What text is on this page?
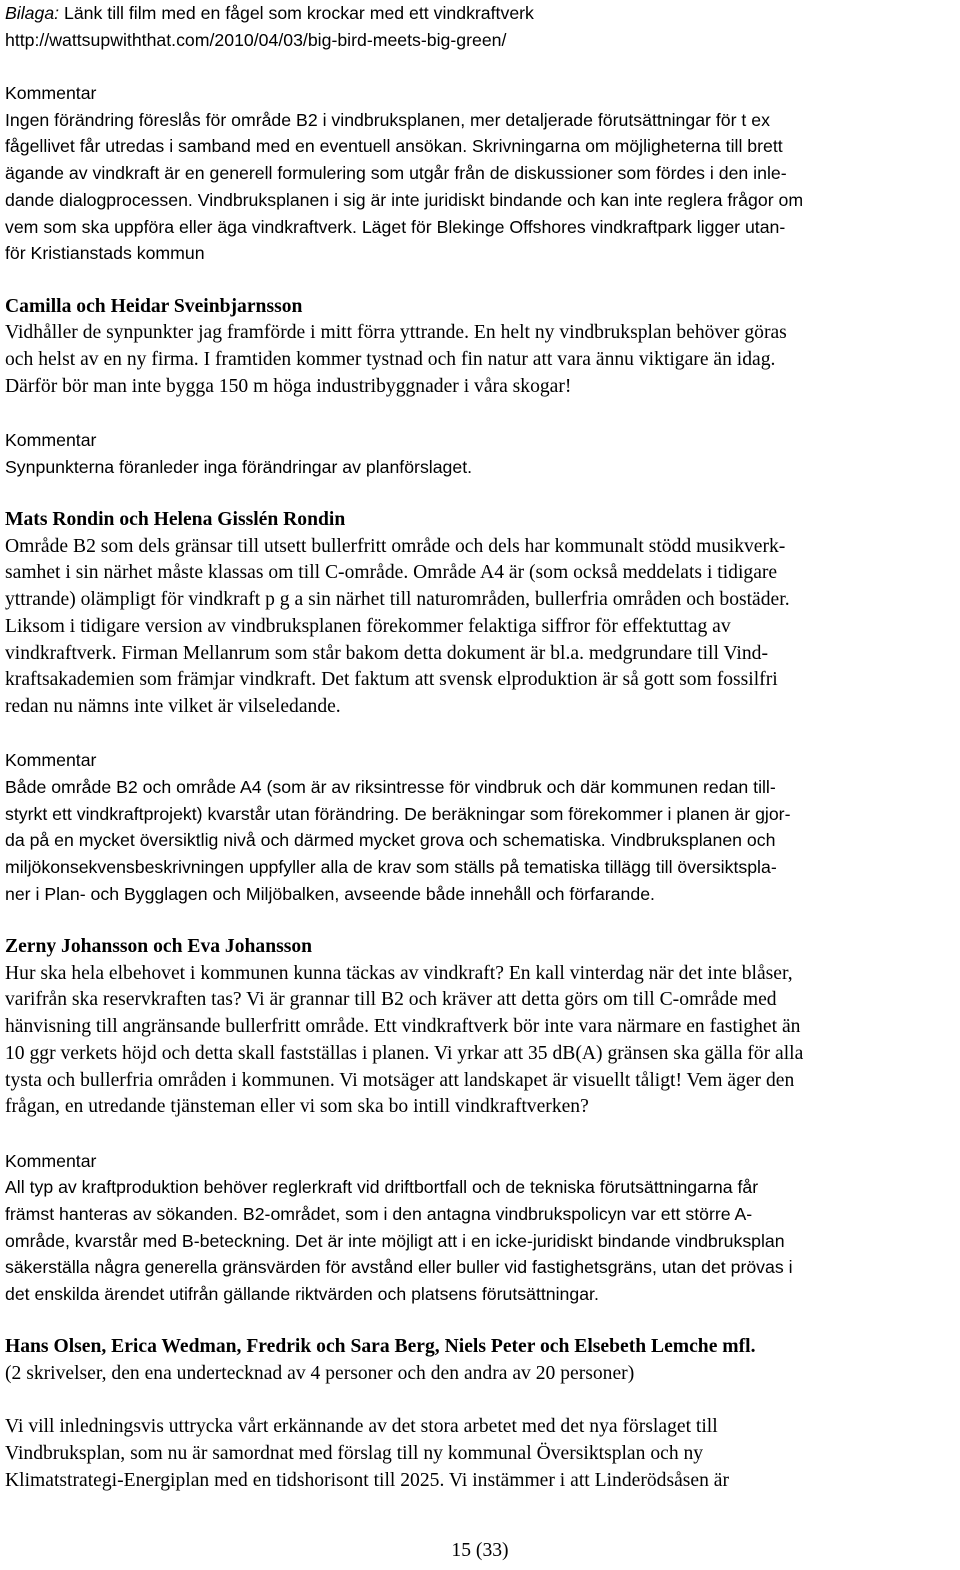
Bilaga: Länk till film med en fågel som krockar med ett vindkraftverk
http://wattsupwiththat.com/2010/04/03/big-bird-meets-big-green/
Kommentar
Ingen förändring föreslås för område B2 i vindbruksplanen, mer detaljerade förutsättningar för t ex
fågellivet får utredas i samband med en eventuell ansökan. Skrivningarna om möjligheterna till brett
ägande av vindkraft är en generell formulering som utgår från de diskussioner som fördes i den inle-
dande dialogprocessen. Vindbruksplanen i sig är inte juridiskt bindande och kan inte reglera frågor om
vem som ska uppföra eller äga vindkraftverk. Läget för Blekinge Offshores vindkraftpark ligger utan-
för Kristianstads kommun
Camilla och Heidar Sveinbjarnsson
Vidhåller de synpunkter jag framförde i mitt förra yttrande. En helt ny vindbruksplan behöver göras
och helst av en ny firma. I framtiden kommer tystnad och fin natur att vara ännu viktigare än idag.
Därför bör man inte bygga 150 m höga industribyggnader i våra skogar!
Kommentar
Synpunkterna föranleder inga förändringar av planförslaget.
Mats Rondin och Helena Gisslén Rondin
Område B2 som dels gränsar till utsett bullerfritt område och dels har kommunalt stödd musikverk-
samhet i sin närhet måste klassas om till C-område. Område A4 är (som också meddelats i tidigare
yttrande) olämpligt för vindkraft p g a sin närhet till naturområden, bullerfria områden och bostäder.
Liksom i tidigare version av vindbruksplanen förekommer felaktiga siffror för effektuttag av
vindkraftverk. Firman Mellanrum som står bakom detta dokument är bl.a. medgrundare till Vind-
kraftsakademien som främjar vindkraft. Det faktum att svensk elproduktion är så gott som fossilfri
redan nu nämns inte vilket är vilseledande.
Kommentar
Både område B2 och område A4 (som är av riksintresse för vindbruk och där kommunen redan till-
styrkt ett vindkraftprojekt) kvarstår utan förändring. De beräkningar som förekommer i planen är gjor-
da på en mycket översiktlig nivå och därmed mycket grova och schematiska. Vindbruksplanen och
miljökonsekvensbeskrivningen uppfyller alla de krav som ställs på tematiska tillägg till översiktspla-
ner i Plan- och Bygglagen och Miljöbalken, avseende både innehåll och förfarande.
Zerny Johansson och Eva Johansson
Hur ska hela elbehovet i kommunen kunna täckas av vindkraft? En kall vinterdag när det inte blåser,
varifrån ska reservkraften tas? Vi är grannar till B2 och kräver att detta görs om till C-område med
hänvisning till angränsande bullerfritt område. Ett vindkraftverk bör inte vara närmare en fastighet än
10 ggr verkets höjd och detta skall fastställas i planen. Vi yrkar att 35 dB(A) gränsen ska gälla för alla
tysta och bullerfria områden i kommunen. Vi motsäger att landskapet är visuellt tåligt! Vem äger den
frågan, en utredande tjänsteman eller vi som ska bo intill vindkraftverken?
Kommentar
All typ av kraftproduktion behöver reglerkraft vid driftbortfall och de tekniska förutsättningarna får
främst hanteras av sökanden. B2-området, som i den antagna vindbrukspolicyn var ett större A-
område, kvarstår med B-beteckning. Det är inte möjligt att i en icke-juridiskt bindande vindbruksplan
säkerställa några generella gränsvärden för avstånd eller buller vid fastighetsgräns, utan det prövas i
det enskilda ärendet utifrån gällande riktvärden och platsens förutsättningar.
Hans Olsen, Erica Wedman, Fredrik och Sara Berg, Niels Peter och Elsebeth Lemche mfl.
(2 skrivelser, den ena undertecknad av 4 personer och den andra av 20 personer)
Vi vill inledningsvis uttrycka vårt erkännande av det stora arbetet med det nya förslaget till
Vindbruksplan, som nu är samordnat med förslag till ny kommunal Översiktsplan och ny
Klimatstrategi-Energiplan med en tidshorisont till 2025. Vi instämmer i att Linderödsåsen är
15 (33)
